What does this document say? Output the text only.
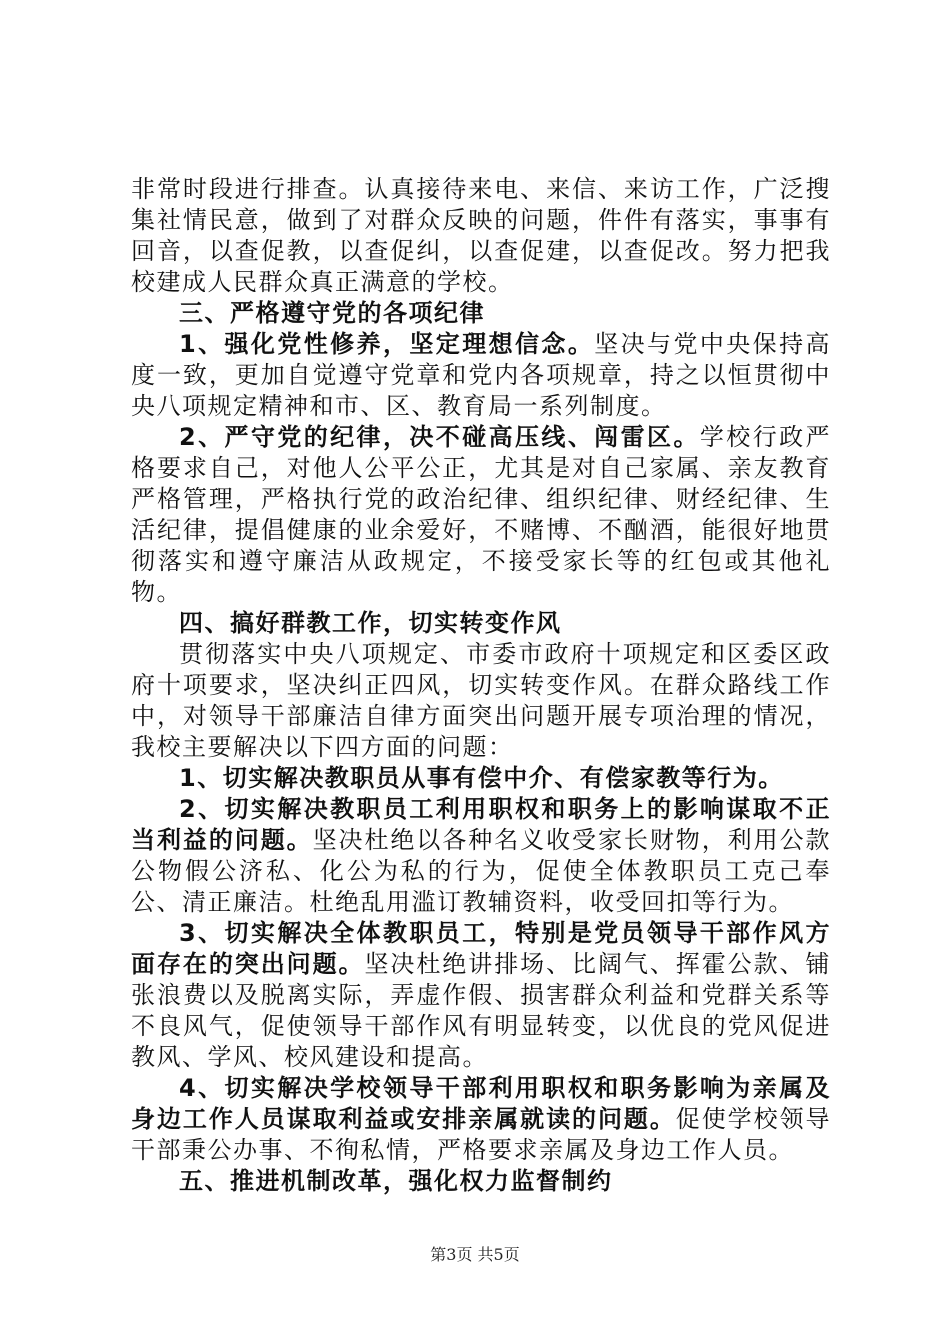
非常时段进行排查。认真接待来电、来信、来访工作，广泛搜集社情民意，做到了对群众反映的问题，件件有落实，事事有回音，以查促教，以查促纠，以查促建，以查促改。努力把我校建成人民群众真正满意的学校。

三、严格遵守党的各项纪律

1、强化党性修养，坚定理想信念。坚决与党中央保持高度一致，更加自觉遵守党章和党内各项规章，持之以恒贯彻中央八项规定精神和市、区、教育局一系列制度。

2、严守党的纪律，决不碰高压线、闯雷区。学校行政严格要求自己，对他人公平公正，尤其是对自己家属、亲友教育严格管理，严格执行党的政治纪律、组织纪律、财经纪律、生活纪律，提倡健康的业余爱好，不赌博、不酗酒，能很好地贯彻落实和遵守廉洁从政规定，不接受家长等的红包或其他礼物。

四、搞好群教工作，切实转变作风

贯彻落实中央八项规定、市委市政府十项规定和区委区政府十项要求，坚决纠正四风，切实转变作风。在群众路线工作中，对领导干部廉洁自律方面突出问题开展专项治理的情况，我校主要解决以下四方面的问题：

1、切实解决教职员从事有偿中介、有偿家教等行为。

2、切实解决教职员工利用职权和职务上的影响谋取不正当利益的问题。坚决杜绝以各种名义收受家长财物，利用公款公物假公济私、化公为私的行为，促使全体教职员工克己奉公、清正廉洁。杜绝乱用滥订教辅资料，收受回扣等行为。

3、切实解决全体教职员工，特别是党员领导干部作风方面存在的突出问题。坚决杜绝讲排场、比阔气、挥霍公款、铺张浪费以及脱离实际，弄虚作假、损害群众利益和党群关系等不良风气，促使领导干部作风有明显转变，以优良的党风促进教风、学风、校风建设和提高。

4、切实解决学校领导干部利用职权和职务影响为亲属及身边工作人员谋取利益或安排亲属就读的问题。促使学校领导干部秉公办事、不徇私情，严格要求亲属及身边工作人员。

五、推进机制改革，强化权力监督制约

第3页 共5页
